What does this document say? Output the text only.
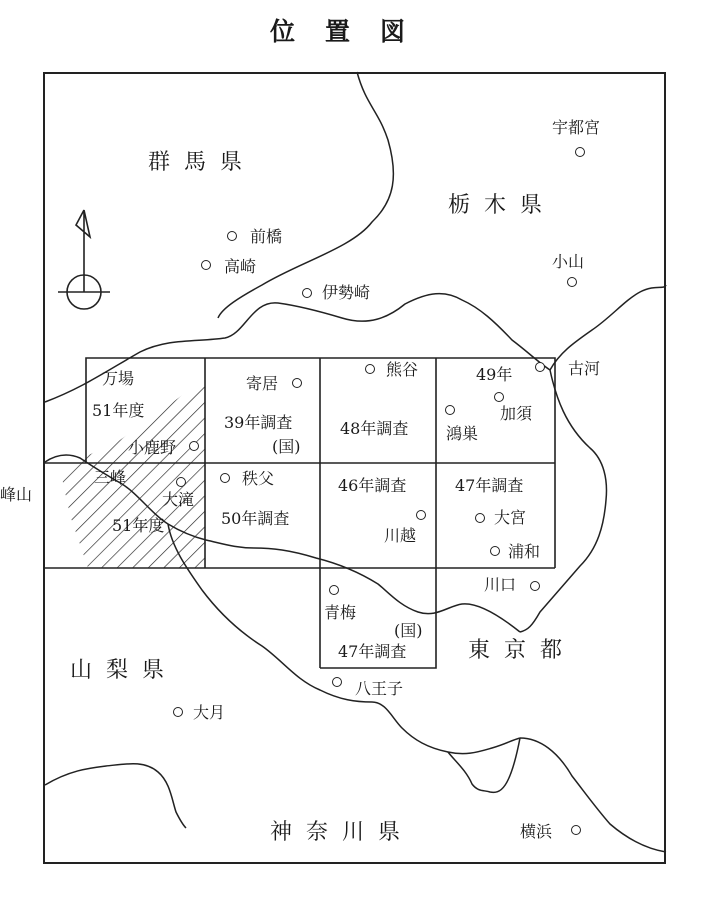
位置図
群馬県
栃木県
山梨県
東京都
神奈川県
宇都宮
前橋
高崎
伊勢崎
小山
古河
寄居
熊谷
加須
鴻巣
小鹿野
三峰
大滝
秩父
川越
大宮
浦和
川口
青梅
八王子
大月
横浜
峰山
万場
51年度
51年度
39年調査
(国)
48年調査
49年
50年調査
46年調査	47年調査
(国)
47年調査
